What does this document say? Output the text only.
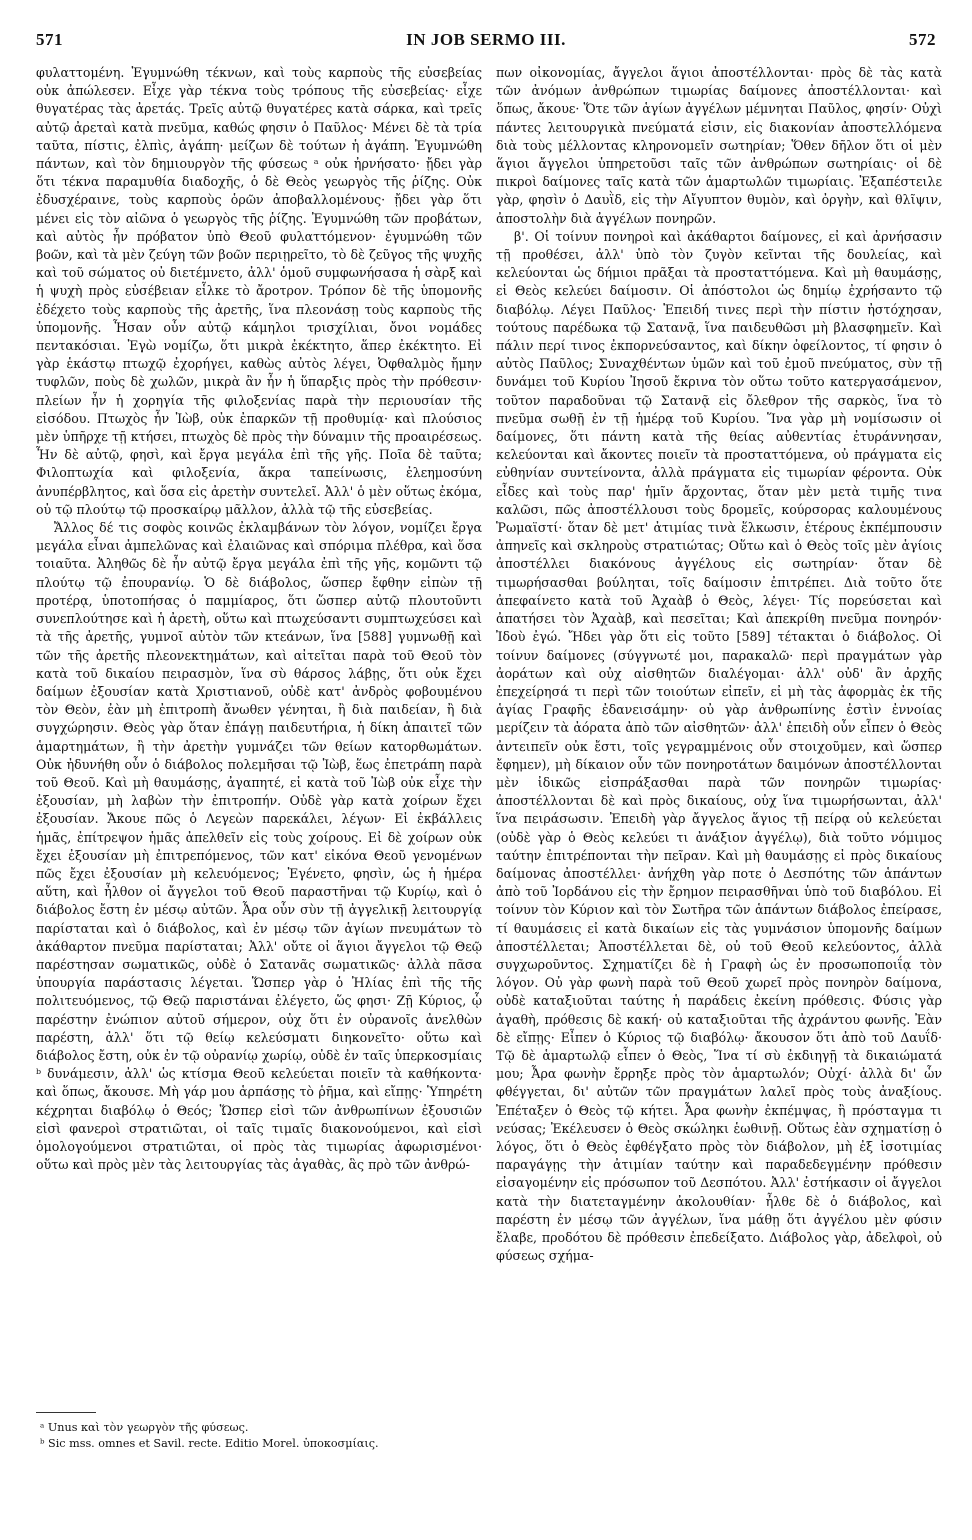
571	IN JOB SERMO III.	572

φυλαττομένη. Ἐγυμνώθη τέκνων, καὶ τοὺς καρποὺς τῆς εὐσεβείας οὐκ ἀπώλεσεν. Εἶχε γὰρ τέκνα τοὺς τρόπους τῆς εὐσεβείας· εἶχε θυγατέρας τὰς ἀρετάς. Τρεῖς αὐτῷ θυγατέρες κατὰ σάρκα, καὶ τρεῖς αὐτῷ ἀρεταὶ κατὰ πνεῦμα, καθώς φησιν ὁ Παῦλος· Μένει δὲ τὰ τρία ταῦτα, πίστις, ἐλπὶς, ἀγάπη· μείζων δὲ τούτων ἡ ἀγάπη. Ἐγυμνώθη πάντων, καὶ τὸν δημιουργὸν τῆς φύσεως ᵃ οὐκ ἠρνήσατο· ᾔδει γὰρ ὅτι τέκνα παραμυθία διαδοχῆς, ὁ δὲ Θεὸς γεωργὸς τῆς ῥίζης. Οὐκ ἐδυσχέραινε, τοὺς καρποὺς ὁρῶν ἀποβαλλομένους· ᾔδει γὰρ ὅτι μένει εἰς τὸν αἰῶνα ὁ γεωργὸς τῆς ῥίζης. Ἐγυμνώθη τῶν προβάτων, καὶ αὐτὸς ἦν πρόβατον ὑπὸ Θεοῦ φυλαττόμενον· ἐγυμνώθη τῶν βοῶν, καὶ τὰ μὲν ζεύγη τῶν βοῶν περιῃρεῖτο, τὸ δὲ ζεῦγος τῆς ψυχῆς καὶ τοῦ σώματος οὐ διετέμνετο, ἀλλ' ὁμοῦ συμφωνήσασα ἡ σὰρξ καὶ ἡ ψυχὴ πρὸς εὐσέβειαν εἷλκε τὸ ἄροτρον. Τρόπον δὲ τῆς ὑπομονῆς ἐδέχετο τοὺς καρποὺς τῆς ἀρετῆς, ἵνα πλεονάσῃ τοὺς καρποὺς τῆς ὑπομονῆς. Ἦσαν οὖν αὐτῷ κάμηλοι τρισχίλιαι, ὄνοι νομάδες πεντακόσιαι. Ἐγὼ νομίζω, ὅτι μικρὰ ἐκέκτητο, ἅπερ ἐκέκτητο. Εἰ γὰρ ἑκάστῳ πτωχῷ ἐχορήγει, καθὼς αὐτὸς λέγει, Ὀφθαλμὸς ἤμην τυφλῶν, ποὺς δὲ χωλῶν, μικρὰ ἂν ἦν ἡ ὕπαρξις πρὸς τὴν πρόθεσιν· πλείων ἦν ἡ χορηγία τῆς φιλοξενίας παρὰ τὴν περιουσίαν τῆς εἰσόδου. Πτωχὸς ἦν Ἰὼβ, οὐκ ἐπαρκῶν τῇ προθυμίᾳ· καὶ πλούσιος μὲν ὑπῆρχε τῇ κτήσει, πτωχὸς δὲ πρὸς τὴν δύναμιν τῆς προαιρέσεως. Ἦν δὲ αὐτῷ, φησὶ, καὶ ἔργα μεγάλα ἐπὶ τῆς γῆς. Ποῖα δὲ ταῦτα; Φιλοπτωχία καὶ φιλοξενία, ἄκρα ταπείνωσις, ἐλεημοσύνη ἀνυπέρβλητος, καὶ ὅσα εἰς ἀρετὴν συντελεῖ. Ἀλλ' ὁ μὲν οὕτως ἐκόμα, οὐ τῷ πλούτῳ τῷ προσκαίρῳ μᾶλλον, ἀλλὰ τῷ τῆς εὐσεβείας.

Ἄλλος δέ τις σοφὸς κοινῶς ἐκλαμβάνων τὸν λόγον, νομίζει ἔργα μεγάλα εἶναι ἀμπελῶνας καὶ ἐλαιῶνας καὶ σπόριμα πλέθρα, καὶ ὅσα τοιαῦτα. Ἀληθῶς δὲ ἦν αὐτῷ ἔργα μεγάλα ἐπὶ τῆς γῆς, κομῶντι τῷ πλούτῳ τῷ ἐπουρανίῳ. Ὁ δὲ διάβολος, ὥσπερ ἔφθην εἰπὼν τῇ προτέρᾳ, ὑποτοπήσας ὁ παμμίαρος, ὅτι ὥσπερ αὐτῷ πλουτοῦντι συνεπλούτησε καὶ ἡ ἀρετὴ, οὕτω καὶ πτωχεύσαντι συμπτωχεύσει καὶ τὰ τῆς ἀρετῆς, γυμνοῖ αὐτὸν τῶν κτεάνων, ἵνα [588] γυμνωθῇ καὶ τῶν τῆς ἀρετῆς πλεονεκτημάτων, καὶ αἰτεῖται παρὰ τοῦ Θεοῦ τὸν κατὰ τοῦ δικαίου πειρασμὸν, ἵνα σὺ θάρσος λάβῃς, ὅτι οὐκ ἔχει δαίμων ἐξουσίαν κατὰ Χριστιανοῦ, οὐδὲ κατ' ἀνδρὸς φοβουμένου τὸν Θεὸν, ἐὰν μὴ ἐπιτροπὴ ἄνωθεν γένηται, ἢ διὰ παιδείαν, ἢ διὰ συγχώρησιν. Θεὸς γὰρ ὅταν ἐπάγῃ παιδευτήρια, ἡ δίκη ἀπαιτεῖ τῶν ἁμαρτημάτων, ἢ τὴν ἀρετὴν γυμνάζει τῶν θείων κατορθωμάτων. Οὐκ ἠδυνήθη οὖν ὁ διάβολος πολεμῆσαι τῷ Ἰὼβ, ἕως ἐπετράπη παρὰ τοῦ Θεοῦ. Καὶ μὴ θαυμάσῃς, ἀγαπητέ, εἰ κατὰ τοῦ Ἰὼβ οὐκ εἶχε τὴν ἐξουσίαν, μὴ λαβὼν τὴν ἐπιτροπήν. Οὐδὲ γὰρ κατὰ χοίρων ἔχει ἐξουσίαν. Ἄκουε πῶς ὁ Λεγεὼν παρεκάλει, λέγων· Εἰ ἐκβάλλεις ἡμᾶς, ἐπίτρεψον ἡμᾶς ἀπελθεῖν εἰς τοὺς χοίρους. Εἰ δὲ χοίρων οὐκ ἔχει ἐξουσίαν μὴ ἐπιτρεπόμενος, τῶν κατ' εἰκόνα Θεοῦ γενομένων πῶς ἔχει ἐξουσίαν μὴ κελευόμενος; Ἐγένετο, φησὶν, ὡς ἡ ἡμέρα αὕτη, καὶ ἦλθον οἱ ἄγγελοι τοῦ Θεοῦ παραστῆναι τῷ Κυρίῳ, καὶ ὁ διάβολος ἔστη ἐν μέσῳ αὐτῶν. Ἆρα οὖν σὺν τῇ ἀγγελικῇ λειτουργίᾳ παρίσταται καὶ ὁ διάβολος, καὶ ἐν μέσῳ τῶν ἁγίων πνευμάτων τὸ ἀκάθαρτον πνεῦμα παρίσταται; Ἀλλ' οὔτε οἱ ἅγιοι ἄγγελοι τῷ Θεῷ παρέστησαν σωματικῶς, οὐδὲ ὁ Σατανᾶς σωματικῶς· ἀλλὰ πᾶσα ὑπουργία παράστασις λέγεται. Ὥσπερ γὰρ ὁ Ἠλίας ἐπὶ τῆς τῆς πολιτευόμενος, τῷ Θεῷ παριστάναι ἐλέγετο, ὥς φησι· Ζῇ Κύριος, ᾧ παρέστην ἐνώπιον αὐτοῦ σήμερον, οὐχ ὅτι ἐν οὐρανοῖς ἀνελθὼν παρέστη, ἀλλ' ὅτι τῷ θείῳ κελεύσματι διηκονεῖτο· οὕτω καὶ διάβολος ἔστη, οὐκ ἐν τῷ οὐρανίῳ χωρίῳ, οὐδὲ ἐν ταῖς ὑπερκοσμίαις ᵇ δυνάμεσιν, ἀλλ' ὡς κτίσμα Θεοῦ κελεύεται ποιεῖν τὰ καθήκοντα· καὶ ὅπως, ἄκουσε. Μὴ γάρ μου ἁρπάσῃς τὸ ῥῆμα, καὶ εἴπῃς· Ὑπηρέτη κέχρηται διαβόλῳ ὁ Θεός; Ὥσπερ εἰσὶ τῶν ἀνθρωπίνων ἐξουσιῶν εἰσὶ φανεροὶ στρατιῶται, οἱ ταῖς τιμαῖς διακονούμενοι, καὶ εἰσὶ ὁμολογούμενοι στρατιῶται, οἱ πρὸς τὰς τιμωρίας ἀφωρισμένοι· οὕτω καὶ πρὸς μὲν τὰς λειτουργίας τὰς ἀγαθὰς, ἃς πρὸ τῶν ἀνθρώ-

πων οἰκονομίας, ἄγγελοι ἅγιοι ἀποστέλλονται· πρὸς δὲ τὰς κατὰ τῶν ἀνόμων ἀνθρώπων τιμωρίας δαίμονες ἀποστέλλονται· καὶ ὅπως, ἄκουε· Ὅτε τῶν ἁγίων ἀγγέλων μέμνηται Παῦλος, φησίν· Οὐχὶ πάντες λειτουργικὰ πνεύματά εἰσιν, εἰς διακονίαν ἀποστελλόμενα διὰ τοὺς μέλλοντας κληρονομεῖν σωτηρίαν; Ὅθεν δῆλον ὅτι οἱ μὲν ἅγιοι ἄγγελοι ὑπηρετοῦσι ταῖς τῶν ἀνθρώπων σωτηρίαις· οἱ δὲ πικροὶ δαίμονες ταῖς κατὰ τῶν ἁμαρτωλῶν τιμωρίαις. Ἐξαπέστειλε γὰρ, φησὶν ὁ Δαυῒδ, εἰς τὴν Αἴγυπτον θυμὸν, καὶ ὀργὴν, καὶ θλῖψιν, ἀποστολὴν διὰ ἀγγέλων πονηρῶν.

β'. Οἱ τοίνυν πονηροὶ καὶ ἀκάθαρτοι δαίμονες, εἰ καὶ ἀρνήσασιν τῇ προθέσει, ἀλλ' ὑπὸ τὸν ζυγὸν κεῖνται τῆς δουλείας, καὶ κελεύονται ὡς δήμιοι πρᾶξαι τὰ προσταττόμενα. Καὶ μὴ θαυμάσῃς, εἰ Θεὸς κελεύει δαίμοσιν. Οἱ ἀπόστολοι ὡς δημίῳ ἐχρήσαντο τῷ διαβόλῳ. Λέγει Παῦλος· Ἐπειδή τινες περὶ τὴν πίστιν ἠστόχησαν, τούτους παρέδωκα τῷ Σατανᾷ, ἵνα παιδευθῶσι μὴ βλασφημεῖν. Καὶ πάλιν περί τινος ἐκπορνεύσαντος, καὶ δίκην ὀφείλοντος, τί φησιν ὁ αὐτὸς Παῦλος; Συναχθέντων ὑμῶν καὶ τοῦ ἐμοῦ πνεύματος, σὺν τῇ δυνάμει τοῦ Κυρίου Ἰησοῦ ἔκρινα τὸν οὕτω τοῦτο κατεργασάμενον, τοῦτον παραδοῦναι τῷ Σατανᾷ εἰς ὄλεθρον τῆς σαρκὸς, ἵνα τὸ πνεῦμα σωθῇ ἐν τῇ ἡμέρᾳ τοῦ Κυρίου. Ἵνα γὰρ μὴ νομίσωσιν οἱ δαίμονες, ὅτι πάντη κατὰ τῆς θείας αὐθεντίας ἐτυράννησαν, κελεύονται καὶ ἄκοντες ποιεῖν τὰ προσταττόμενα, οὐ πράγματα εἰς εὐθηνίαν συντείνοντα, ἀλλὰ πράγματα εἰς τιμωρίαν φέροντα. Οὐκ εἶδες καὶ τοὺς παρ' ἡμῖν ἄρχοντας, ὅταν μὲν μετὰ τιμῆς τινα καλῶσι, πῶς ἀποστέλλουσι τοὺς δρομεῖς, κούρσορας καλουμένους Ῥωμαϊστί· ὅταν δὲ μετ' ἀτιμίας τινὰ ἕλκωσιν, ἑτέρους ἐκπέμπουσιν ἀπηνεῖς καὶ σκληροὺς στρατιώτας; Οὕτω καὶ ὁ Θεὸς τοῖς μὲν ἁγίοις ἀποστέλλει διακόνους ἀγγέλους εἰς σωτηρίαν· ὅταν δὲ τιμωρήσασθαι βούληται, τοῖς δαίμοσιν ἐπιτρέπει. Διὰ τοῦτο ὅτε ἀπεφαίνετο κατὰ τοῦ Ἀχαὰβ ὁ Θεὸς, λέγει· Τίς πορεύσεται καὶ ἀπατήσει τὸν Ἀχαὰβ, καὶ πεσεῖται; Καὶ ἀπεκρίθη πνεῦμα πονηρόν· Ἰδοὺ ἐγώ. Ἤδει γὰρ ὅτι εἰς τοῦτο [589] τέτακται ὁ διάβολος. Οἱ τοίνυν δαίμονες (σύγγνωτέ μοι, παρακαλῶ· περὶ πραγμάτων γὰρ ἀοράτων καὶ οὐχ αἰσθητῶν διαλέγομαι· ἀλλ' οὐδ' ἂν ἀρχῆς ἐπεχείρησά τι περὶ τῶν τοιούτων εἰπεῖν, εἰ μὴ τὰς ἀφορμὰς ἐκ τῆς ἁγίας Γραφῆς ἐδανεισάμην· οὐ γὰρ ἀνθρωπίνης ἐστὶν ἐννοίας μερίζειν τὰ ἀόρατα ἀπὸ τῶν αἰσθητῶν· ἀλλ' ἐπειδὴ οὖν εἶπεν ὁ Θεὸς ἀντειπεῖν οὐκ ἔστι, τοῖς γεγραμμένοις οὖν στοιχοῦμεν, καὶ ὥσπερ ἔφημεν), μὴ δίκαιον οὖν τῶν πονηροτάτων δαιμόνων ἀποστέλλονται μὲν ἰδικῶς εἰσπράξασθαι παρὰ τῶν πονηρῶν τιμωρίας· ἀποστέλλονται δὲ καὶ πρὸς δικαίους, οὐχ ἵνα τιμωρήσωνται, ἀλλ' ἵνα πειράσωσιν. Ἐπειδὴ γὰρ ἄγγελος ἅγιος τῇ πείρᾳ οὐ κελεύεται (οὐδὲ γὰρ ὁ Θεὸς κελεύει τι ἀνάξιον ἀγγέλῳ), διὰ τοῦτο νόμιμος ταύτην ἐπιτρέπονται τὴν πεῖραν. Καὶ μὴ θαυμάσῃς εἰ πρὸς δικαίους δαίμονας ἀποστέλλει· ἀνήχθη γὰρ ποτε ὁ Δεσπότης τῶν ἁπάντων ἀπὸ τοῦ Ἰορδάνου εἰς τὴν ἔρημον πειρασθῆναι ὑπὸ τοῦ διαβόλου. Εἰ τοίνυν τὸν Κύριον καὶ τὸν Σωτῆρα τῶν ἁπάντων διάβολος ἐπείρασε, τί θαυμάσεις εἰ κατὰ δικαίων εἰς τὰς γυμνάσιον ὑπομονῆς δαίμων ἀποστέλλεται; Ἀποστέλλεται δὲ, οὐ τοῦ Θεοῦ κελεύοντος, ἀλλὰ συγχωροῦντος. Σχηματίζει δὲ ἡ Γραφὴ ὡς ἐν προσωποποιΐᾳ τὸν λόγον. Οὐ γὰρ φωνὴ παρὰ τοῦ Θεοῦ χωρεῖ πρὸς πονηρὸν δαίμονα, οὐδὲ καταξιοῦται ταύτης ἡ παράδεις ἐκείνη πρόθεσις. Φύσις γὰρ ἀγαθὴ, πρόθεσις δὲ κακή· οὐ καταξιοῦται τῆς ἀχράντου φωνῆς. Ἐὰν δὲ εἴπῃς· Εἶπεν ὁ Κύριος τῷ διαβόλῳ· ἄκουσον ὅτι ἀπὸ τοῦ Δαυΐδ· Τῷ δὲ ἁμαρτωλῷ εἶπεν ὁ Θεὸς, Ἵνα τί σὺ ἐκδιηγῇ τὰ δικαιώματά μου; Ἆρα φωνὴν ἔρρηξε πρὸς τὸν ἁμαρτωλόν; Οὐχί· ἀλλὰ δι' ὧν φθέγγεται, δι' αὐτῶν τῶν πραγμάτων λαλεῖ πρὸς τοὺς ἀναξίους. Ἐπέταξεν ὁ Θεὸς τῷ κήτει. Ἆρα φωνὴν ἐκπέμψας, ἢ πρόσταγμα τι νεύσας; Ἐκέλευσεν ὁ Θεὸς σκώληκι ἑωθινῇ. Οὕτως ἐὰν σχηματίσῃ ὁ λόγος, ὅτι ὁ Θεὸς ἐφθέγξατο πρὸς τὸν διάβολον, μὴ ἐξ ἰσοτιμίας παραγάγῃς τὴν ἀτιμίαν ταύτην καὶ παραδεδεγμένην πρόθεσιν εἰσαγομένην εἰς πρόσωπον τοῦ Δεσπότου. Ἀλλ' ἐστήκασιν οἱ ἄγγελοι κατὰ τὴν διατεταγμένην ἀκολουθίαν· ἦλθε δὲ ὁ διάβολος, καὶ παρέστη ἐν μέσῳ τῶν ἀγγέλων, ἵνα μάθῃ ὅτι ἀγγέλου μὲν φύσιν ἔλαβε, προδότου δὲ πρόθεσιν ἐπεδείξατο. Διάβολος γὰρ, ἀδελφοὶ, οὐ φύσεως σχήμα-

ᵃ Unus καὶ τὸν γεωργὸν τῆς φύσεως.

ᵇ Sic mss. omnes et Savil. recte. Editio Morel. ὑποκοσμίαις.
